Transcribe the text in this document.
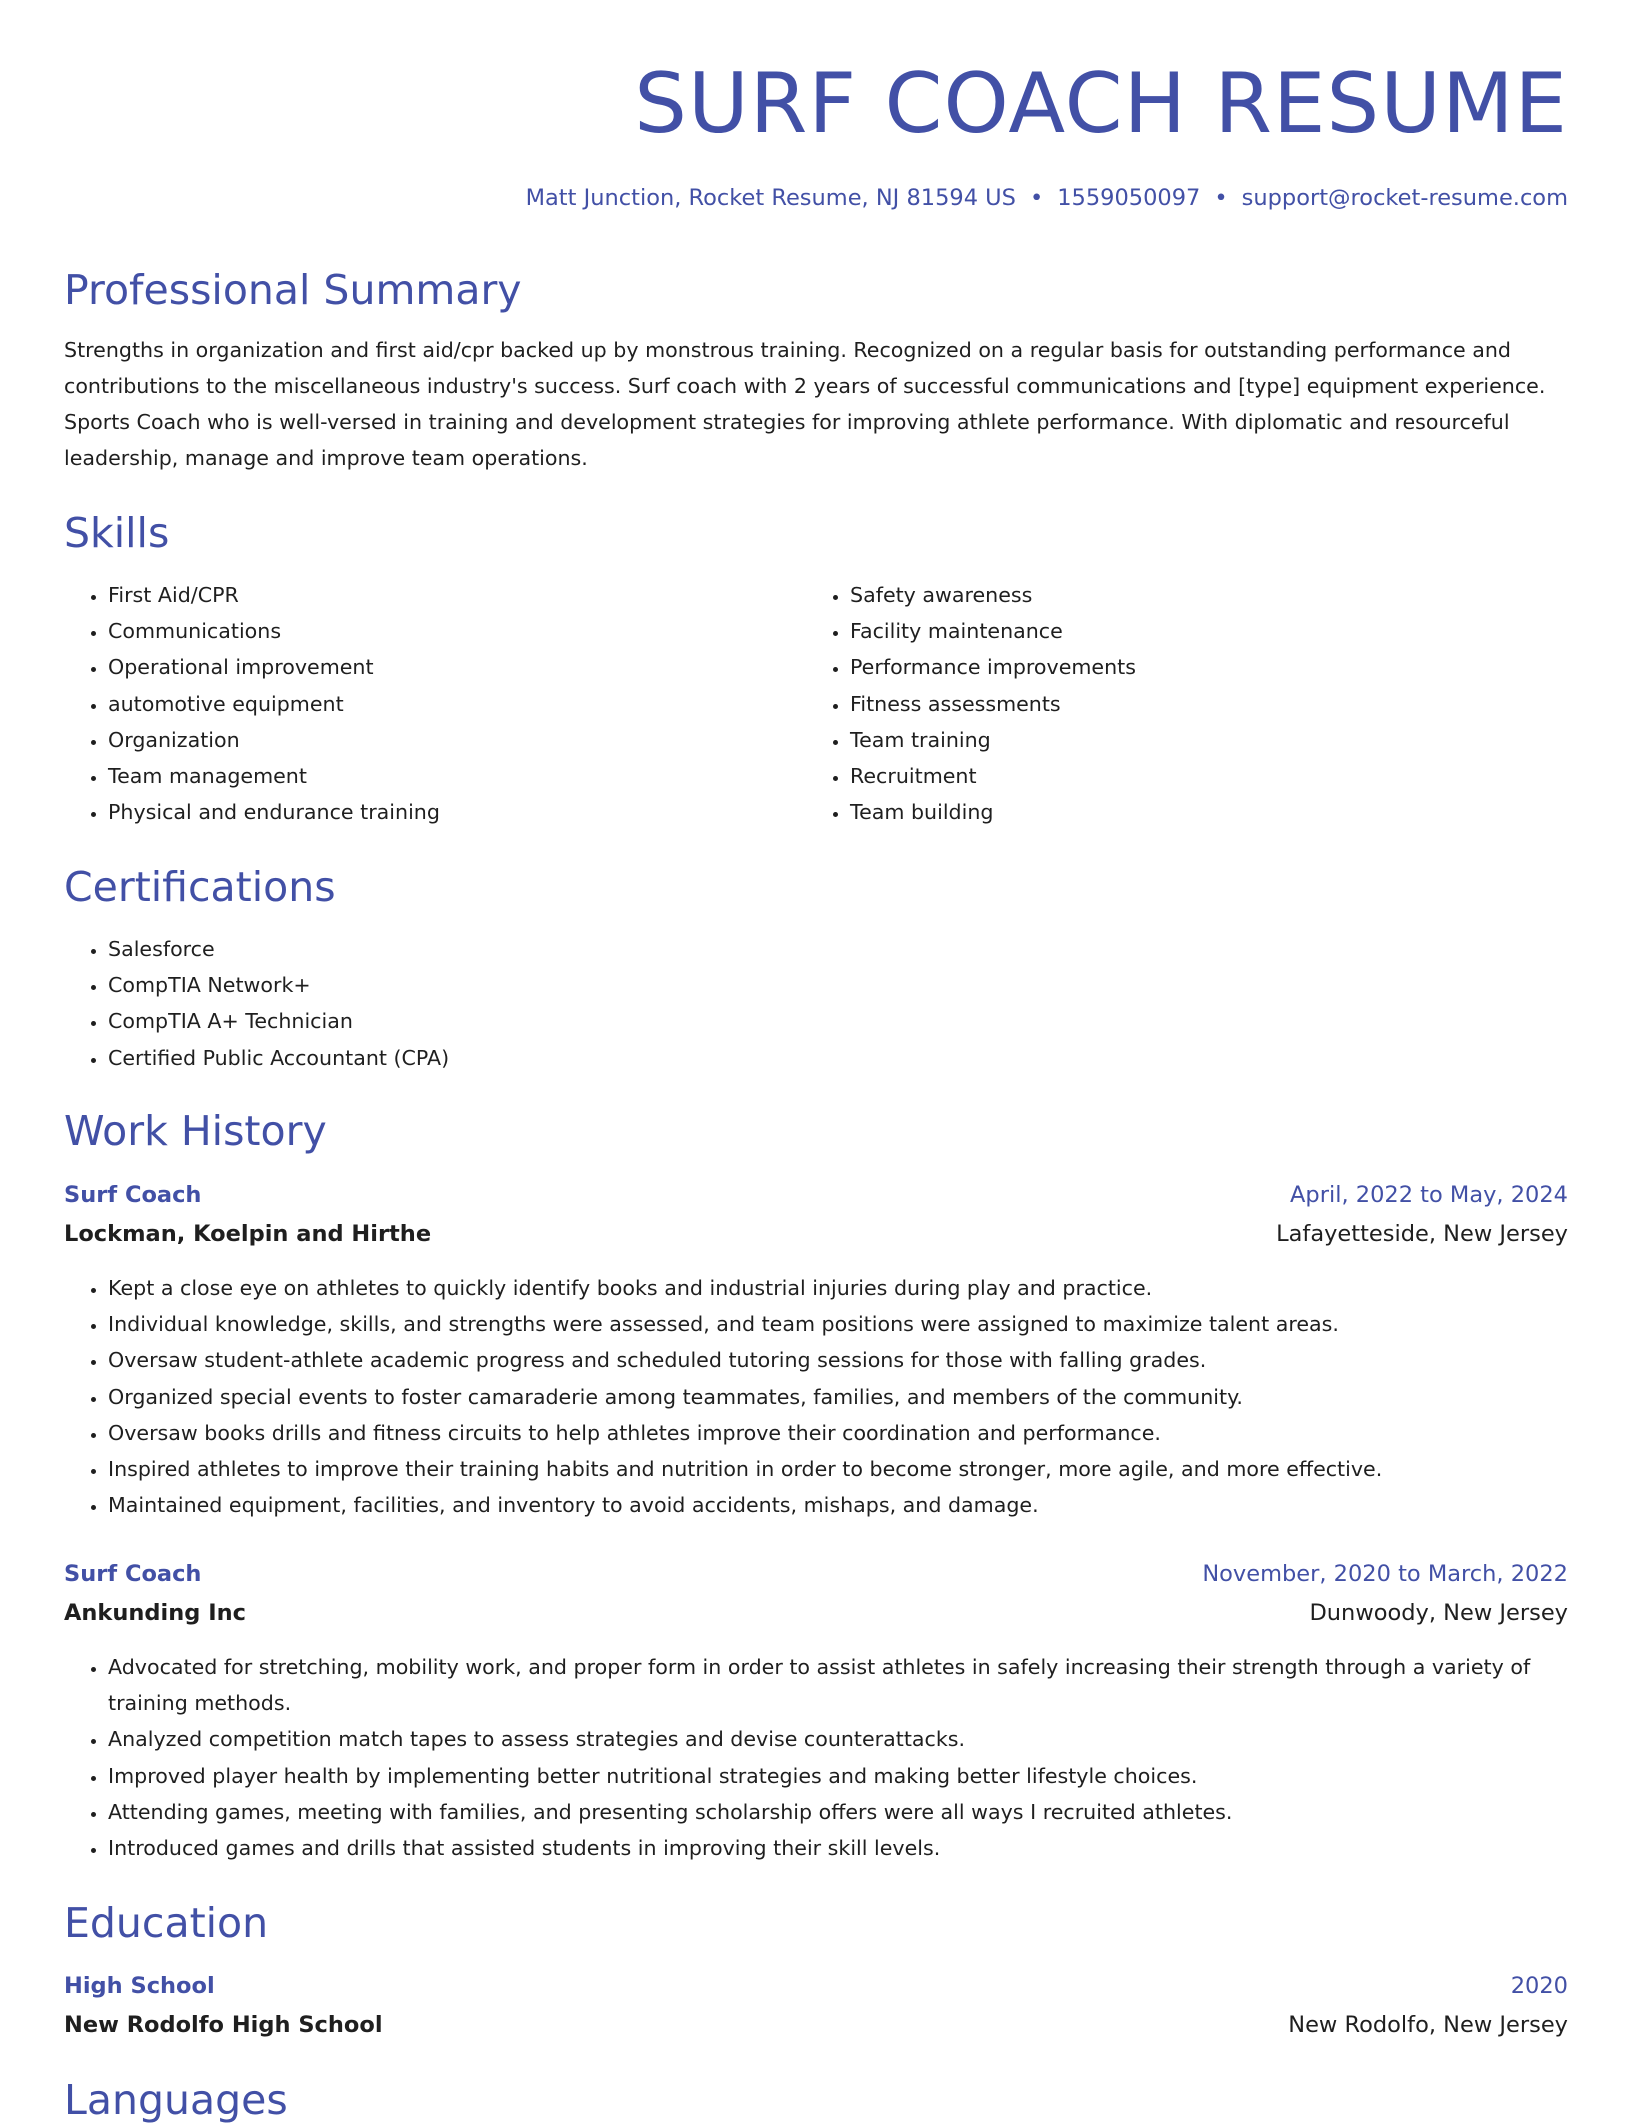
SURF COACH RESUME
Matt Junction, Rocket Resume, NJ 81594 US • 1559050097 • support@rocket-resume.com
Professional Summary

Strengths in organization and first aid/cpr backed up by monstrous training. Recognized on a regular basis for outstanding performance and contributions to the miscellaneous industry's success. Surf coach with 2 years of successful communications and [type] equipment experience. Sports Coach who is well-versed in training and development strategies for improving athlete performance. With diplomatic and resourceful leadership, manage and improve team operations.

Skills
• First Aid/CPR
• Communications
• Operational improvement
• automotive equipment
• Organization
• Team management
• Physical and endurance training
• Safety awareness
• Facility maintenance
• Performance improvements
• Fitness assessments
• Team training
• Recruitment
• Team building
Certifications
• Salesforce
• CompTIA Network+
• CompTIA A+ Technician
• Certified Public Accountant (CPA)
Work History
Surf Coach	April, 2022 to May, 2024
Lockman, Koelpin and Hirthe	Lafayetteside, New Jersey
• Kept a close eye on athletes to quickly identify books and industrial injuries during play and practice.
• Individual knowledge, skills, and strengths were assessed, and team positions were assigned to maximize talent areas.
• Oversaw student-athlete academic progress and scheduled tutoring sessions for those with falling grades.
• Organized special events to foster camaraderie among teammates, families, and members of the community.
• Oversaw books drills and fitness circuits to help athletes improve their coordination and performance.
• Inspired athletes to improve their training habits and nutrition in order to become stronger, more agile, and more effective.
• Maintained equipment, facilities, and inventory to avoid accidents, mishaps, and damage.
Surf Coach	November, 2020 to March, 2022
Ankunding Inc	Dunwoody, New Jersey
• Advocated for stretching, mobility work, and proper form in order to assist athletes in safely increasing their strength through a variety of training methods.
• Analyzed competition match tapes to assess strategies and devise counterattacks.
• Improved player health by implementing better nutritional strategies and making better lifestyle choices.
• Attending games, meeting with families, and presenting scholarship offers were all ways I recruited athletes.
• Introduced games and drills that assisted students in improving their skill levels.
Education
High School	2020
New Rodolfo High School	New Rodolfo, New Jersey
Languages
